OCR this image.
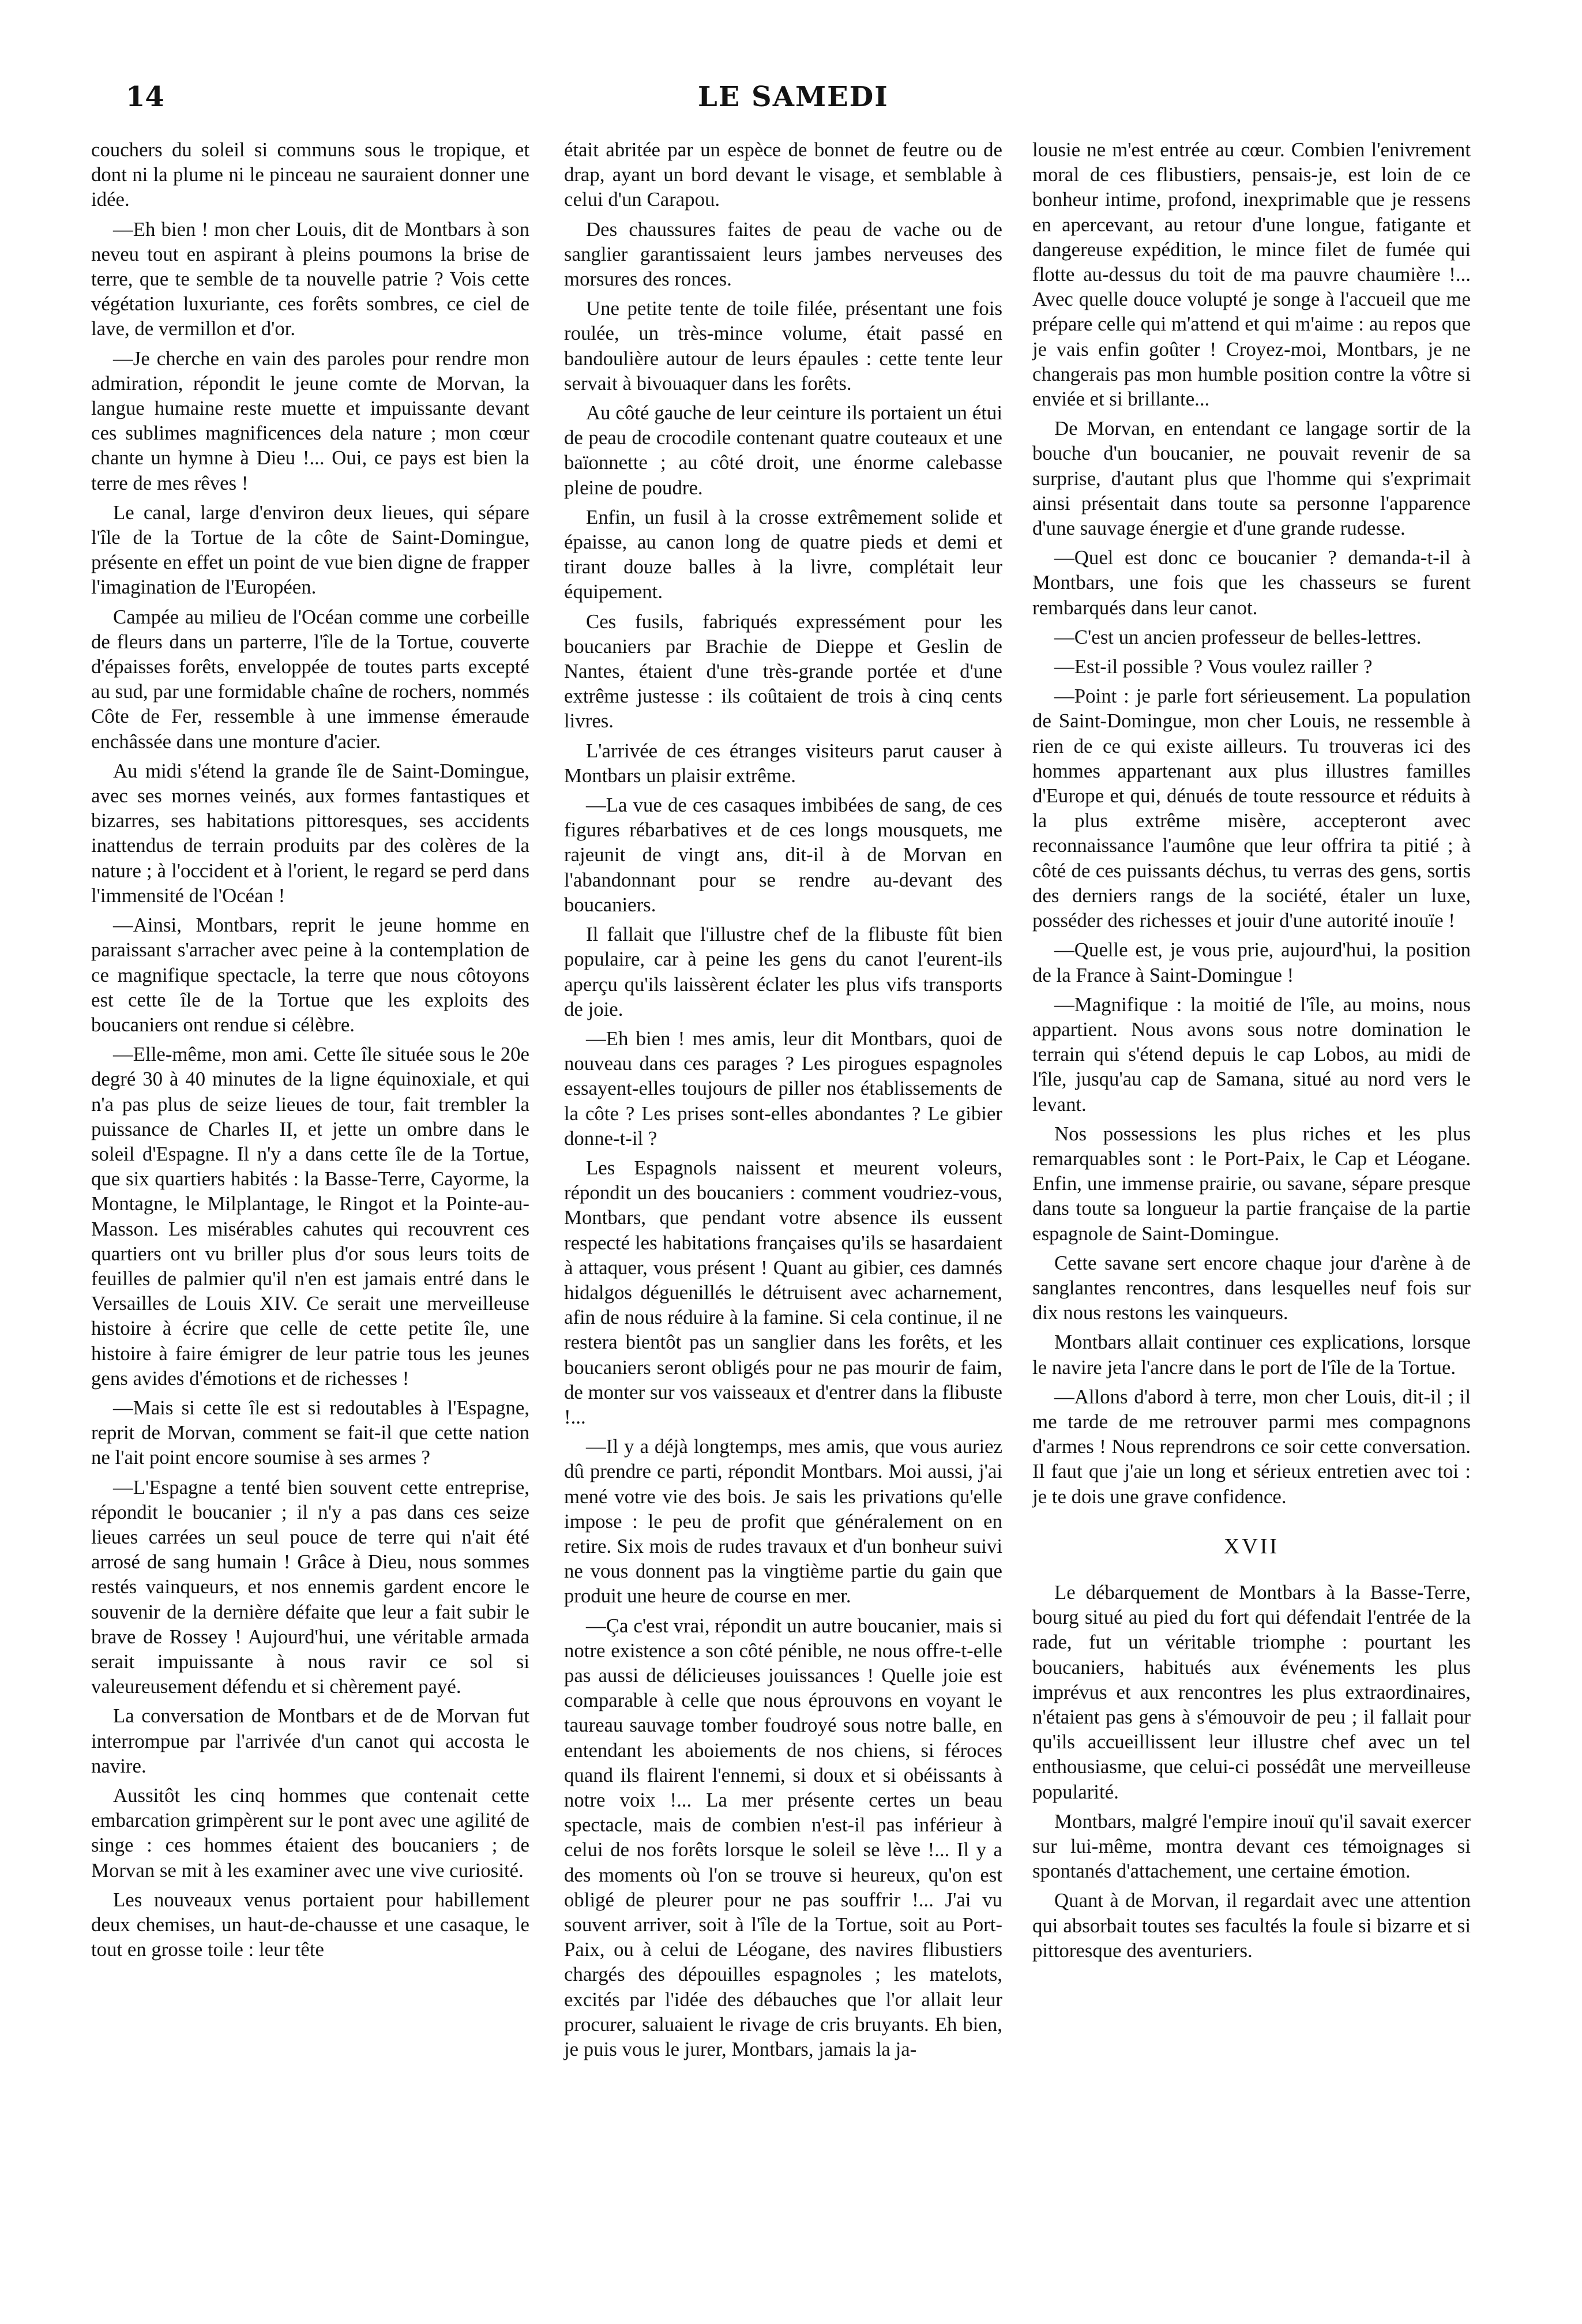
14	LE SAMEDI

couchers du soleil si communs sous le tropique, et dont ni la plume ni le pinceau ne sauraient donner une idée.

—Eh bien ! mon cher Louis, dit de Montbars à son neveu tout en aspirant à pleins poumons la brise de terre, que te semble de ta nouvelle patrie ? Vois cette végétation luxuriante, ces forêts sombres, ce ciel de lave, de vermillon et d'or.

—Je cherche en vain des paroles pour rendre mon admiration, répondit le jeune comte de Morvan, la langue humaine reste muette et impuissante devant ces sublimes magnificences dela nature ; mon cœur chante un hymne à Dieu !... Oui, ce pays est bien la terre de mes rêves !

Le canal, large d'environ deux lieues, qui sépare l'île de la Tortue de la côte de Saint-Domingue, présente en effet un point de vue bien digne de frapper l'imagination de l'Européen.

Campée au milieu de l'Océan comme une corbeille de fleurs dans un parterre, l'île de la Tortue, couverte d'épaisses forêts, enveloppée de toutes parts excepté au sud, par une formidable chaîne de rochers, nommés Côte de Fer, ressemble à une immense émeraude enchâssée dans une monture d'acier.

Au midi s'étend la grande île de Saint-Domingue, avec ses mornes veinés, aux formes fantastiques et bizarres, ses habitations pittoresques, ses accidents inattendus de terrain produits par des colères de la nature ; à l'occident et à l'orient, le regard se perd dans l'immensité de l'Océan !

—Ainsi, Montbars, reprit le jeune homme en paraissant s'arracher avec peine à la contemplation de ce magnifique spectacle, la terre que nous côtoyons est cette île de la Tortue que les exploits des boucaniers ont rendue si célèbre.

—Elle-même, mon ami. Cette île située sous le 20e degré 30 à 40 minutes de la ligne équinoxiale, et qui n'a pas plus de seize lieues de tour, fait trembler la puissance de Charles II, et jette un ombre dans le soleil d'Espagne. Il n'y a dans cette île de la Tortue, que six quartiers habités : la Basse-Terre, Cayorme, la Montagne, le Milplantage, le Ringot et la Pointe-au-Masson. Les misérables cahutes qui recouvrent ces quartiers ont vu briller plus d'or sous leurs toits de feuilles de palmier qu'il n'en est jamais entré dans le Versailles de Louis XIV. Ce serait une merveilleuse histoire à écrire que celle de cette petite île, une histoire à faire émigrer de leur patrie tous les jeunes gens avides d'émotions et de richesses !

—Mais si cette île est si redoutables à l'Espagne, reprit de Morvan, comment se fait-il que cette nation ne l'ait point encore soumise à ses armes ?

—L'Espagne a tenté bien souvent cette entreprise, répondit le boucanier ; il n'y a pas dans ces seize lieues carrées un seul pouce de terre qui n'ait été arrosé de sang humain ! Grâce à Dieu, nous sommes restés vainqueurs, et nos ennemis gardent encore le souvenir de la dernière défaite que leur a fait subir le brave de Rossey ! Aujourd'hui, une véritable armada serait impuissante à nous ravir ce sol si valeureusement défendu et si chèrement payé.

La conversation de Montbars et de de Morvan fut interrompue par l'arrivée d'un canot qui accosta le navire.

Aussitôt les cinq hommes que contenait cette embarcation grimpèrent sur le pont avec une agilité de singe : ces hommes étaient des boucaniers ; de Morvan se mit à les examiner avec une vive curiosité.

Les nouveaux venus portaient pour habillement deux chemises, un haut-de-chausse et une casaque, le tout en grosse toile : leur tête

était abritée par un espèce de bonnet de feutre ou de drap, ayant un bord devant le visage, et semblable à celui d'un Carapou.

Des chaussures faites de peau de vache ou de sanglier garantissaient leurs jambes nerveuses des morsures des ronces.

Une petite tente de toile filée, présentant une fois roulée, un très-mince volume, était passé en bandoulière autour de leurs épaules : cette tente leur servait à bivouaquer dans les forêts.

Au côté gauche de leur ceinture ils portaient un étui de peau de crocodile contenant quatre couteaux et une baïonnette ; au côté droit, une énorme calebasse pleine de poudre.

Enfin, un fusil à la crosse extrêmement solide et épaisse, au canon long de quatre pieds et demi et tirant douze balles à la livre, complétait leur équipement.

Ces fusils, fabriqués expressément pour les boucaniers par Brachie de Dieppe et Geslin de Nantes, étaient d'une très-grande portée et d'une extrême justesse : ils coûtaient de trois à cinq cents livres.

L'arrivée de ces étranges visiteurs parut causer à Montbars un plaisir extrême.

—La vue de ces casaques imbibées de sang, de ces figures rébarbatives et de ces longs mousquets, me rajeunit de vingt ans, dit-il à de Morvan en l'abandonnant pour se rendre au-devant des boucaniers.

Il fallait que l'illustre chef de la flibuste fût bien populaire, car à peine les gens du canot l'eurent-ils aperçu qu'ils laissèrent éclater les plus vifs transports de joie.

—Eh bien ! mes amis, leur dit Montbars, quoi de nouveau dans ces parages ? Les pirogues espagnoles essayent-elles toujours de piller nos établissements de la côte ? Les prises sont-elles abondantes ? Le gibier donne-t-il ?

Les Espagnols naissent et meurent voleurs, répondit un des boucaniers : comment voudriez-vous, Montbars, que pendant votre absence ils eussent respecté les habitations françaises qu'ils se hasardaient à attaquer, vous présent ! Quant au gibier, ces damnés hidalgos déguenillés le détruisent avec acharnement, afin de nous réduire à la famine. Si cela continue, il ne restera bientôt pas un sanglier dans les forêts, et les boucaniers seront obligés pour ne pas mourir de faim, de monter sur vos vaisseaux et d'entrer dans la flibuste !...

—Il y a déjà longtemps, mes amis, que vous auriez dû prendre ce parti, répondit Montbars. Moi aussi, j'ai mené votre vie des bois. Je sais les privations qu'elle impose : le peu de profit que généralement on en retire. Six mois de rudes travaux et d'un bonheur suivi ne vous donnent pas la vingtième partie du gain que produit une heure de course en mer.

—Ça c'est vrai, répondit un autre boucanier, mais si notre existence a son côté pénible, ne nous offre-t-elle pas aussi de délicieuses jouissances ! Quelle joie est comparable à celle que nous éprouvons en voyant le taureau sauvage tomber foudroyé sous notre balle, en entendant les aboiements de nos chiens, si féroces quand ils flairent l'ennemi, si doux et si obéissants à notre voix !... La mer présente certes un beau spectacle, mais de combien n'est-il pas inférieur à celui de nos forêts lorsque le soleil se lève !... Il y a des moments où l'on se trouve si heureux, qu'on est obligé de pleurer pour ne pas souffrir !... J'ai vu souvent arriver, soit à l'île de la Tortue, soit au Port-Paix, ou à celui de Léogane, des navires flibustiers chargés des dépouilles espagnoles ; les matelots, excités par l'idée des débauches que l'or allait leur procurer, saluaient le rivage de cris bruyants. Eh bien, je puis vous le jurer, Montbars, jamais la ja-

lousie ne m'est entrée au cœur. Combien l'enivrement moral de ces flibustiers, pensais-je, est loin de ce bonheur intime, profond, inexprimable que je ressens en apercevant, au retour d'une longue, fatigante et dangereuse expédition, le mince filet de fumée qui flotte au-dessus du toit de ma pauvre chaumière !... Avec quelle douce volupté je songe à l'accueil que me prépare celle qui m'attend et qui m'aime : au repos que je vais enfin goûter ! Croyez-moi, Montbars, je ne changerais pas mon humble position contre la vôtre si enviée et si brillante...

De Morvan, en entendant ce langage sortir de la bouche d'un boucanier, ne pouvait revenir de sa surprise, d'autant plus que l'homme qui s'exprimait ainsi présentait dans toute sa personne l'apparence d'une sauvage énergie et d'une grande rudesse.

—Quel est donc ce boucanier ? demanda-t-il à Montbars, une fois que les chasseurs se furent rembarqués dans leur canot.

—C'est un ancien professeur de belles-lettres.

—Est-il possible ? Vous voulez railler ?

—Point : je parle fort sérieusement. La population de Saint-Domingue, mon cher Louis, ne ressemble à rien de ce qui existe ailleurs. Tu trouveras ici des hommes appartenant aux plus illustres familles d'Europe et qui, dénués de toute ressource et réduits à la plus extrême misère, accepteront avec reconnaissance l'aumône que leur offrira ta pitié ; à côté de ces puissants déchus, tu verras des gens, sortis des derniers rangs de la société, étaler un luxe, posséder des richesses et jouir d'une autorité inouïe !

—Quelle est, je vous prie, aujourd'hui, la position de la France à Saint-Domingue !

—Magnifique : la moitié de l'île, au moins, nous appartient. Nous avons sous notre domination le terrain qui s'étend depuis le cap Lobos, au midi de l'île, jusqu'au cap de Samana, situé au nord vers le levant.

Nos possessions les plus riches et les plus remarquables sont : le Port-Paix, le Cap et Léogane. Enfin, une immense prairie, ou savane, sépare presque dans toute sa longueur la partie française de la partie espagnole de Saint-Domingue.

Cette savane sert encore chaque jour d'arène à de sanglantes rencontres, dans lesquelles neuf fois sur dix nous restons les vainqueurs.

Montbars allait continuer ces explications, lorsque le navire jeta l'ancre dans le port de l'île de la Tortue.

—Allons d'abord à terre, mon cher Louis, dit-il ; il me tarde de me retrouver parmi mes compagnons d'armes ! Nous reprendrons ce soir cette conversation. Il faut que j'aie un long et sérieux entretien avec toi : je te dois une grave confidence.

XVII

Le débarquement de Montbars à la Basse-Terre, bourg situé au pied du fort qui défendait l'entrée de la rade, fut un véritable triomphe : pourtant les boucaniers, habitués aux événements les plus imprévus et aux rencontres les plus extraordinaires, n'étaient pas gens à s'émouvoir de peu ; il fallait pour qu'ils accueillissent leur illustre chef avec un tel enthousiasme, que celui-ci possédât une merveilleuse popularité.

Montbars, malgré l'empire inouï qu'il savait exercer sur lui-même, montra devant ces témoignages si spontanés d'attachement, une certaine émotion.

Quant à de Morvan, il regardait avec une attention qui absorbait toutes ses facultés la foule si bizarre et si pittoresque des aventuriers.
